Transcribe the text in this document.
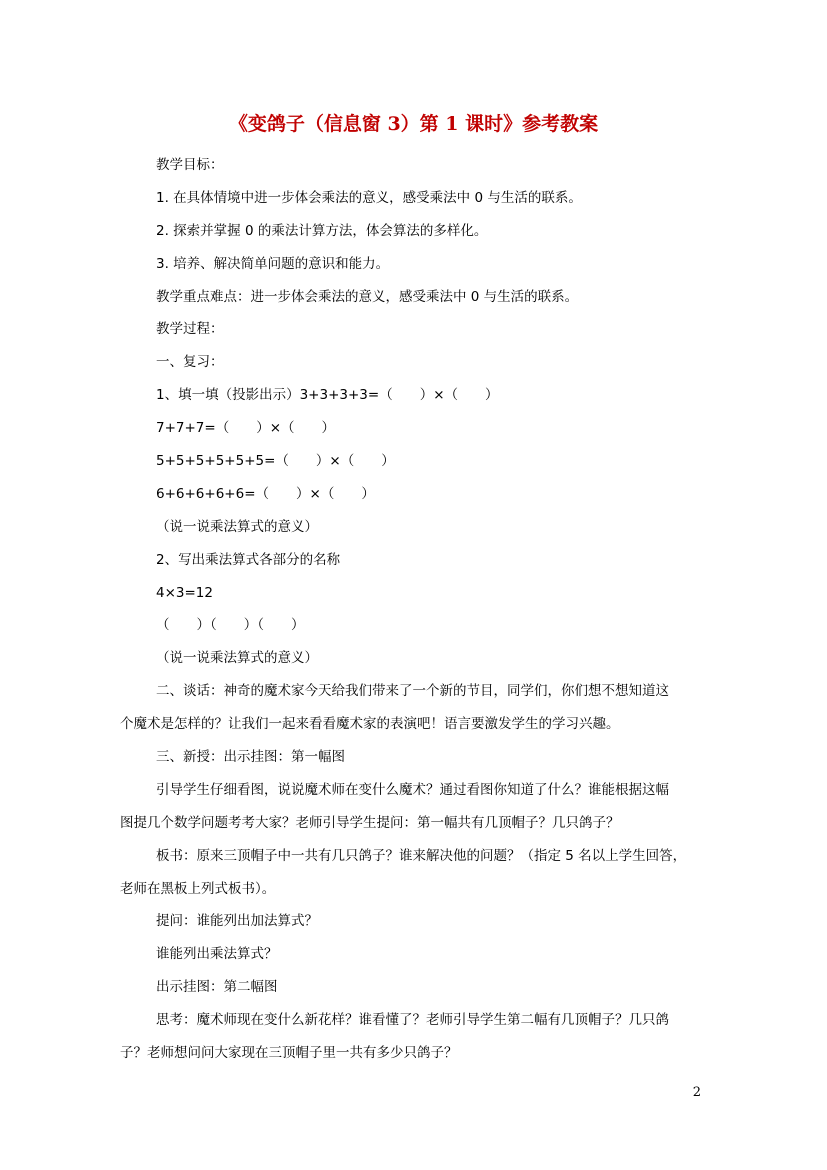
《变鸽子（信息窗 3）第 1 课时》参考教案
教学目标：
1. 在具体情境中进一步体会乘法的意义，感受乘法中 0 与生活的联系。
2. 探索并掌握 0 的乘法计算方法，体会算法的多样化。
3. 培养、解决简单问题的意识和能力。
教学重点难点：进一步体会乘法的意义，感受乘法中 0 与生活的联系。
教学过程：
一、复习：
1、填一填（投影出示）3+3+3+3=（　　）×（　　）
7+7+7=（　　）×（　　）
5+5+5+5+5+5=（　　）×（　　）
6+6+6+6+6=（　　）×（　　）
（说一说乘法算式的意义）
2、写出乘法算式各部分的名称
4×3=12
（　　）（　　）（　　）
（说一说乘法算式的意义）
二、谈话：神奇的魔术家今天给我们带来了一个新的节目，同学们，你们想不想知道这
个魔术是怎样的？让我们一起来看看魔术家的表演吧！语言要激发学生的学习兴趣。
三、新授：出示挂图：第一幅图
引导学生仔细看图，说说魔术师在变什么魔术？通过看图你知道了什么？谁能根据这幅
图提几个数学问题考考大家？老师引导学生提问：第一幅共有几顶帽子？几只鸽子？
板书：原来三顶帽子中一共有几只鸽子？谁来解决他的问题？（指定 5 名以上学生回答，
老师在黑板上列式板书）。
提问：谁能列出加法算式？
谁能列出乘法算式？
出示挂图：第二幅图
思考：魔术师现在变什么新花样？谁看懂了？老师引导学生第二幅有几顶帽子？几只鸽
子？老师想问问大家现在三顶帽子里一共有多少只鸽子？
2
